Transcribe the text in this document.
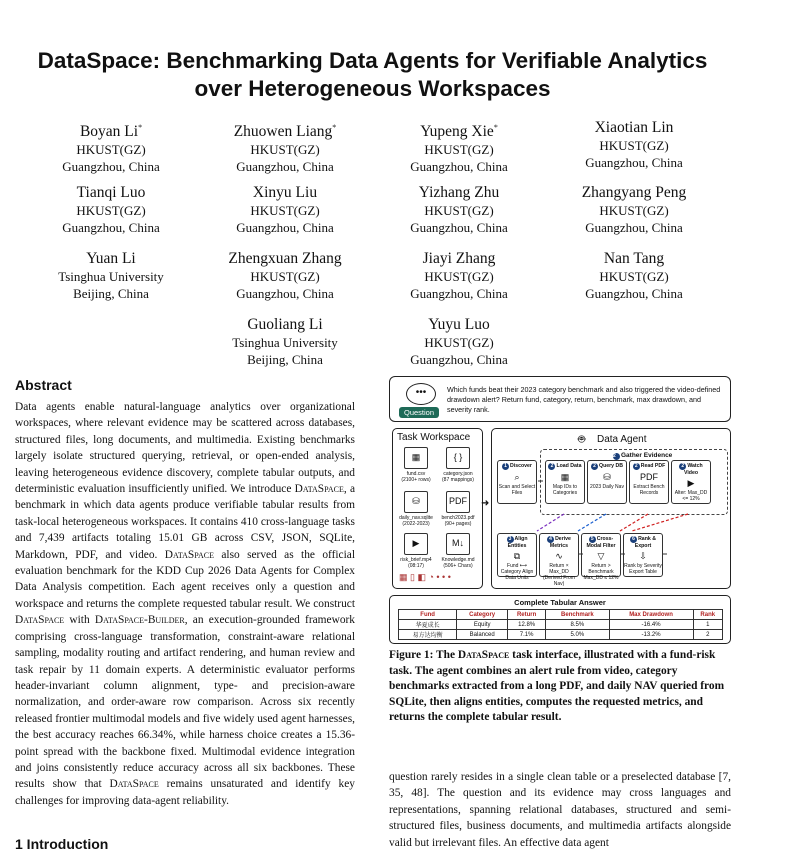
DataSpace: Benchmarking Data Agents for Verifiable Analytics
over Heterogeneous Workspaces
Boyan Li*
HKUST(GZ)
Guangzhou, China
Zhuowen Liang*
HKUST(GZ)
Guangzhou, China
Yupeng Xie*
HKUST(GZ)
Guangzhou, China
Xiaotian Lin
HKUST(GZ)
Guangzhou, China
Tianqi Luo
HKUST(GZ)
Guangzhou, China
Xinyu Liu
HKUST(GZ)
Guangzhou, China
Yizhang Zhu
HKUST(GZ)
Guangzhou, China
Zhangyang Peng
HKUST(GZ)
Guangzhou, China
Yuan Li
Tsinghua University
Beijing, China
Zhengxuan Zhang
HKUST(GZ)
Guangzhou, China
Jiayi Zhang
HKUST(GZ)
Guangzhou, China
Nan Tang
HKUST(GZ)
Guangzhou, China
Guoliang Li
Tsinghua University
Beijing, China
Yuyu Luo
HKUST(GZ)
Guangzhou, China
Abstract
Data agents enable natural-language analytics over organizational workspaces, where relevant evidence may be scattered across databases, structured files, long documents, and multimedia. Existing benchmarks largely isolate structured querying, retrieval, or open-ended analysis, leaving heterogeneous evidence discovery, complete tabular outputs, and deterministic evaluation insufficiently unified. We introduce DataSpace, a benchmark in which data agents produce verifiable tabular results from task-local heterogeneous workspaces. It contains 410 cross-language tasks and 7,439 artifacts totaling 15.01 GB across CSV, JSON, SQLite, Markdown, PDF, and video. DataSpace also served as the official evaluation benchmark for the KDD Cup 2026 Data Agents for Complex Data Analysis competition. Each agent receives only a question and workspace and returns the complete requested tabular result. We construct DataSpace with DataSpace-Builder, an execution-grounded framework comprising cross-language transformation, constraint-aware relational sampling, modality routing and artifact rendering, and human review and task repair by 11 domain experts. A deterministic evaluator performs header-invariant column alignment, type- and precision-aware normalization, and order-aware row comparison. Across six recently released frontier multimodal models and five widely used agent harnesses, the best accuracy reaches 66.34%, while harness choice creates a 15.36-point spread with the backbone fixed. Multimodal evidence integration and joins consistently reduce accuracy across all six backbones. These results show that DataSpace remains unsaturated and identify key challenges for improving data-agent reliability.
1 Introduction
•••
Question
Which funds beat their 2023 category benchmark and also triggered the video-defined drawdown alert? Return fund, category, return, benchmark, max drawdown, and severity rank.
Task Workspace
▦
fund.csv
(2100+ rows)
{ }
category.json
(87 mappings)
⛁
daily_nav.sqlite
(2022-2023)
PDF
bench2023.pdf
(90+ pages)
▶
risk_brief.mp4
(08:17)
M↓
Knowledge.md
(506+ Chars)
▦ ▯ ◧ ◔ • • •
➜
🤖︎ Data Agent
2 Gather Evidence
1 Discover
⌕
Scan and Select Files
2 Load Data
▦
Map IDs to Categories
2 Query DB
⛁
2023 Daily Nav
2 Read PDF
PDF
Extract Bench Records
2 Watch Video
▶
Alter: Max_DD <= 12%
3 Align Entities
⧉
Fund ⟷ Category Align Data Units
4 Derive Metrics
∿
Return × Max_DD (Derived From Nav)
5 Cross-Modal Filter
▽
Return > Benchmark Max_DD ≤ 12%
6 Rank & Export
⇩
Rank by Severity Export Table
Complete Tabular Answer
Fund	Category	Return	Benchmark	Max Drawdown	Rank
华夏成长	Equity	12.8%	8.5%	-16.4%	1
易方达均衡	Balanced	7.1%	5.0%	-13.2%	2
Figure 1: The DataSpace task interface, illustrated with a fund-risk task. The agent combines an alert rule from video, category benchmarks extracted from a long PDF, and daily NAV queried from SQLite, then aligns entities, computes the requested metrics, and returns the complete tabular result.
question rarely resides in a single clean table or a preselected database [7, 35, 48]. The question and its evidence may cross languages and representations, spanning relational databases, structured and semi-structured files, business documents, and multimedia artifacts alongside valid but irrelevant files. An effective data agent
